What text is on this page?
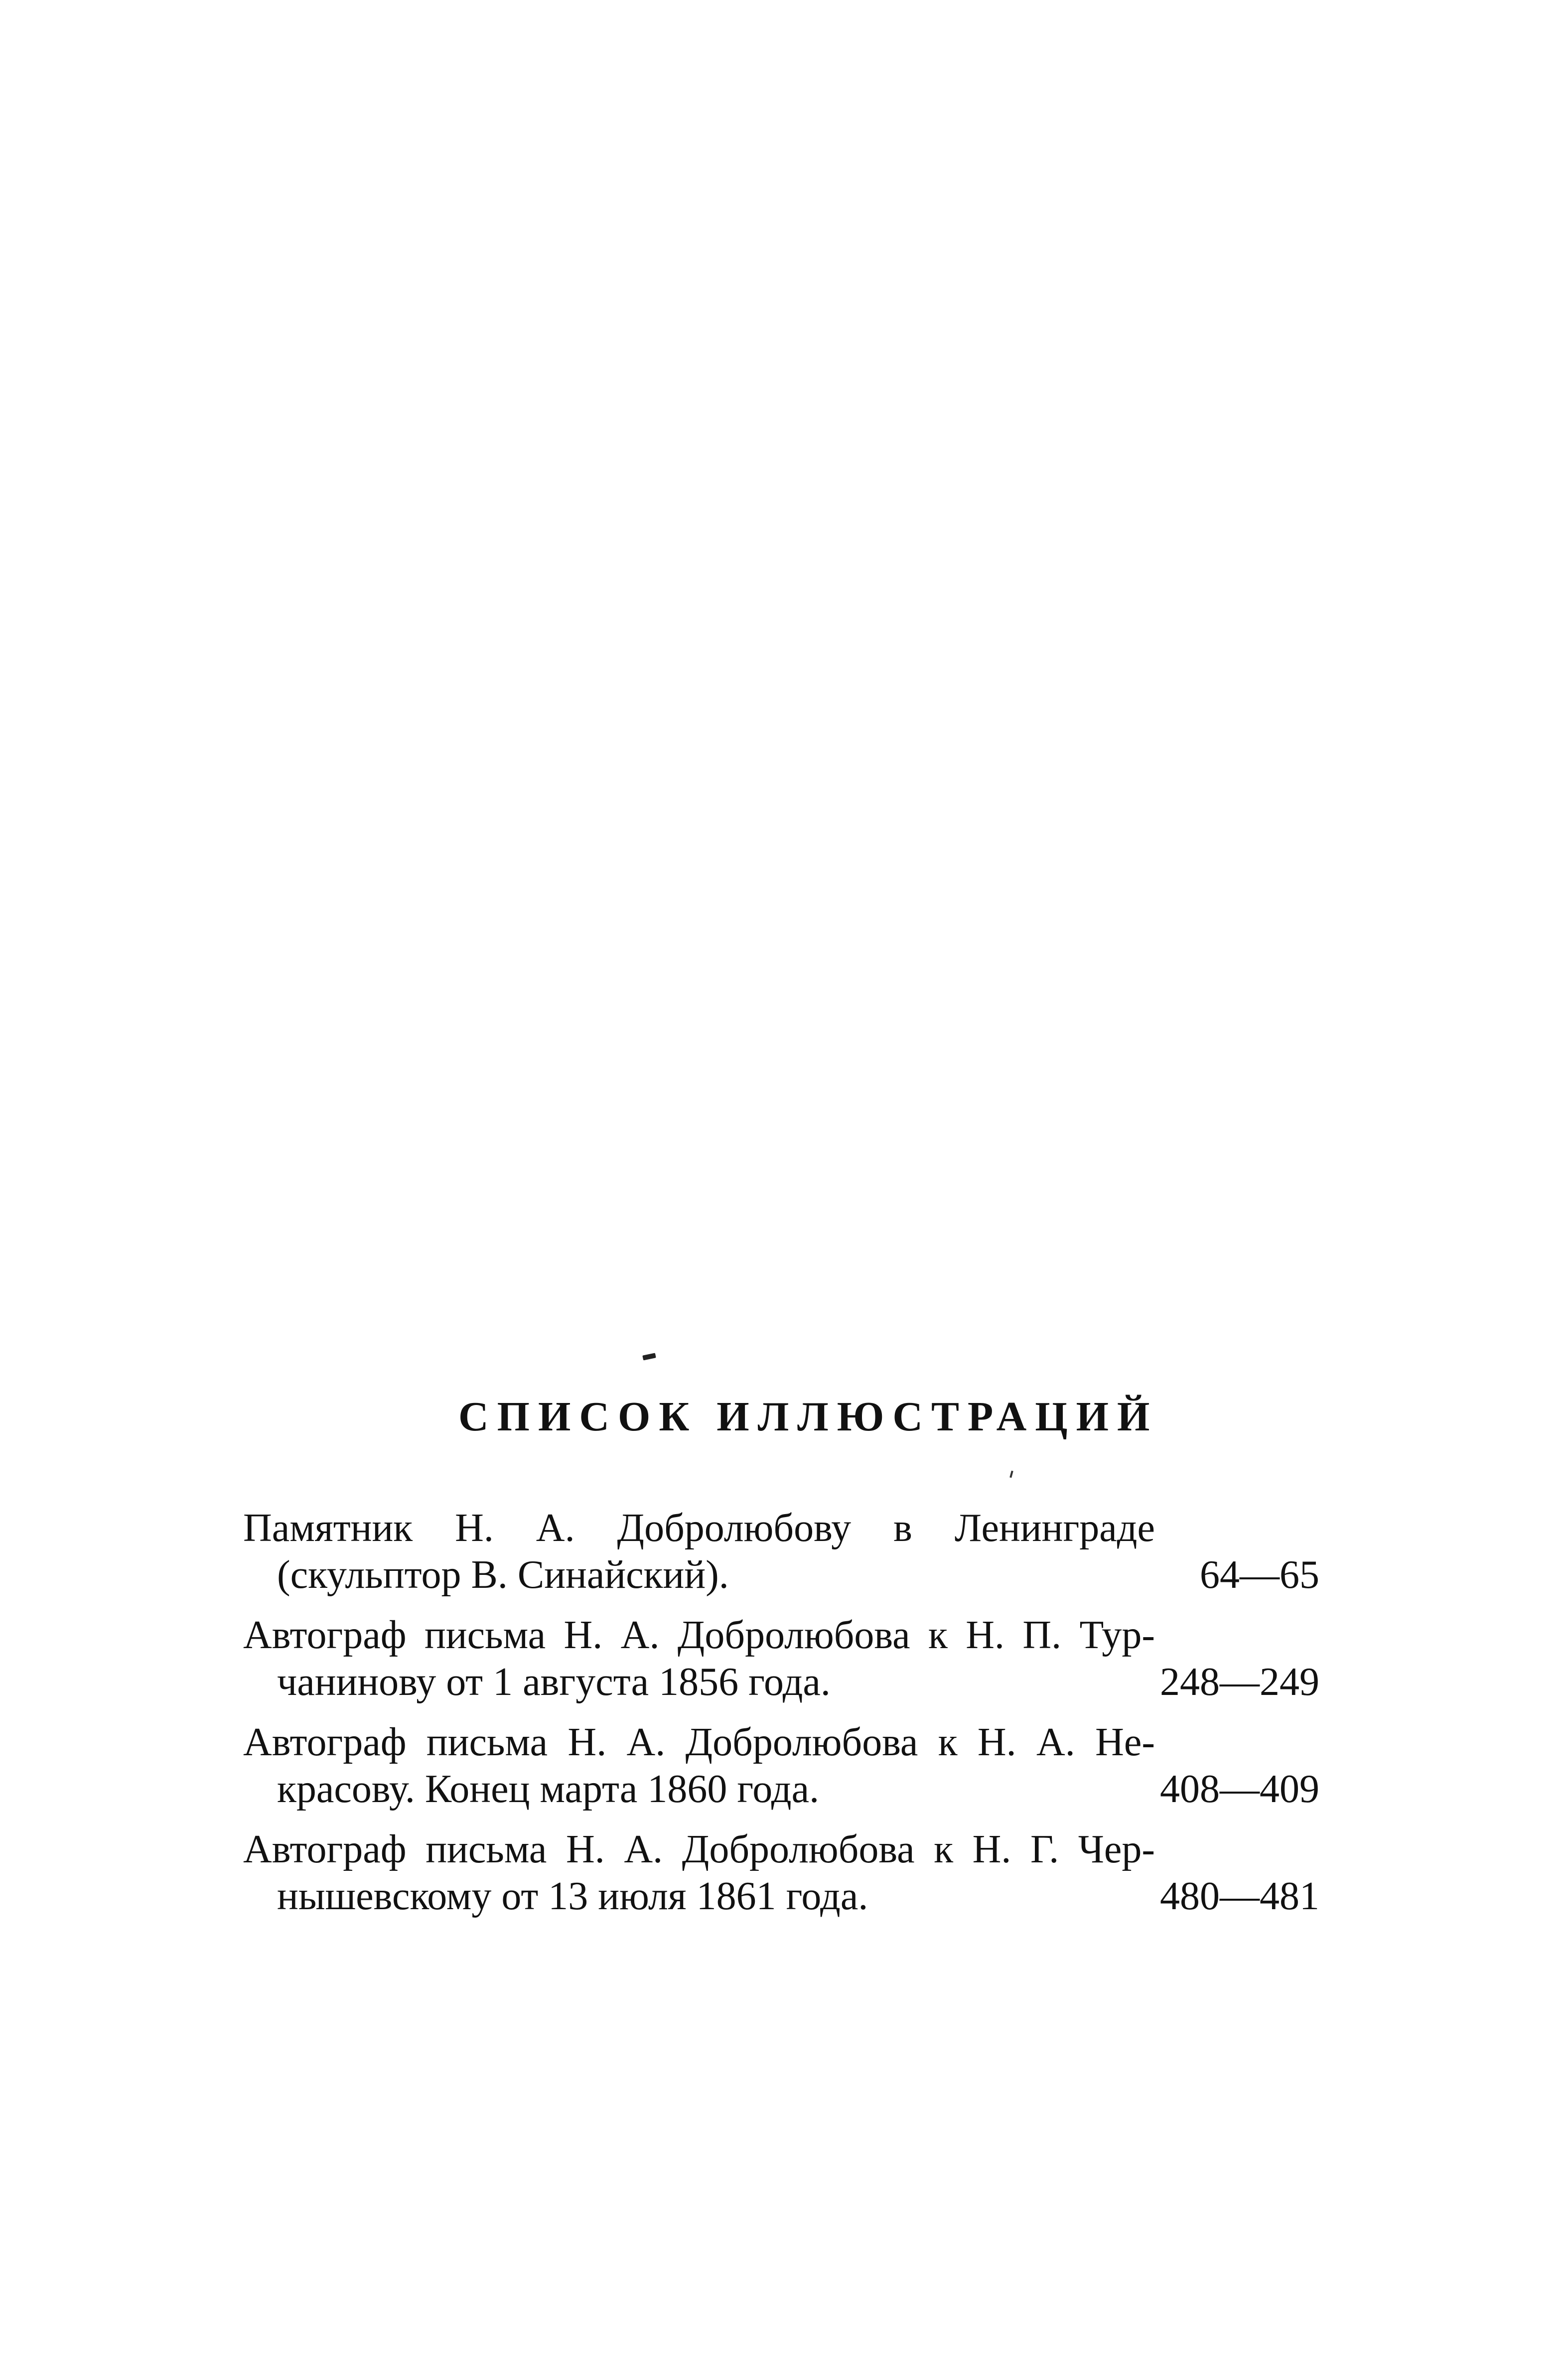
СПИСОК ИЛЛЮСТРАЦИЙ
Памятник Н. А. Добролюбову в Ленинграде
(скульптор В. Синайский).	64—65
Автограф письма Н. А. Добролюбова к Н. П. Тур-
чанинову от 1 августа 1856 года.	248—249
Автограф письма Н. А. Добролюбова к Н. А. Не-
красову. Конец марта 1860 года.	408—409
Автограф письма Н. А. Добролюбова к Н. Г. Чер-
нышевскому от 13 июля 1861 года.	480—481
